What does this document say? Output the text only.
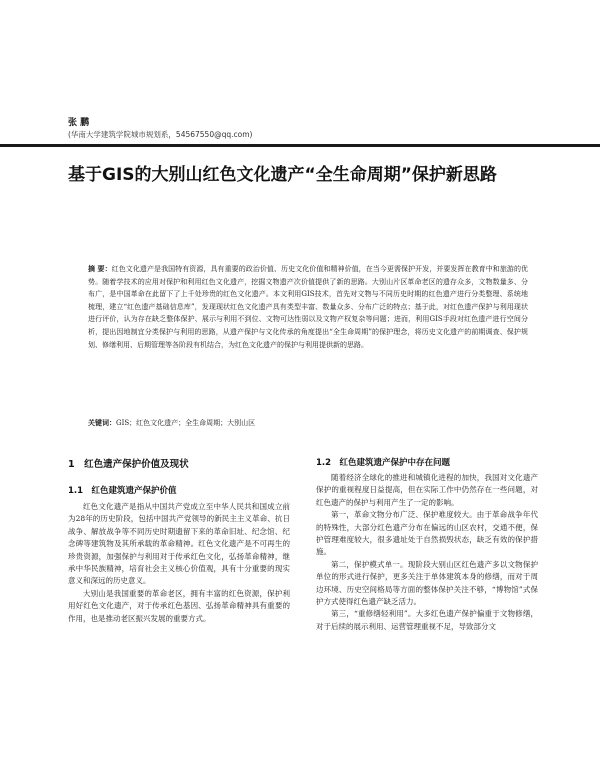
张 鹏
(华南大学建筑学院城市规划系，54567550@qq.com)
基于GIS的大别山红色文化遗产“全生命周期”保护新思路
摘 要：红色文化遗产是我国特有资源，具有重要的政治价值、历史文化价值和精神价值，在当今更需保护开发，并要发挥在教育中和旅游的优势。随着学技术的应用对保护和利用红色文化遗产，挖掘文物遗产次价值提供了新的思路。大别山片区革命老区的遗存众多，文物数量多、分布广，是中国革命在此留下了上千处珍贵的红色文化遗产。本文利用GIS技术，首先对文物与不同历史时期的红色遗产进行分类整理、系统地梳理，建立“红色遗产基础信息库”，发现现状红色文化遗产具有类型丰富、数量众多、分布广泛的特点；基于此，对红色遗产保护与利用现状进行评价，认为存在缺乏整体保护、展示与利用不到位、文物可达性弱以及文物产权复杂等问题；进而，利用GIS手段对红色遗产进行空间分析，提出因地制宜分类保护与利用的思路，从遗产保护与文化传承的角度提出“全生命周期”的保护理念，将历史文化遗产的前期调查、保护规划、修缮利用、后期管理等各阶段有机结合，为红色文化遗产的保护与利用提供新的思路。
关键词：GIS；红色文化遗产；全生命周期；大别山区
1　红色遗产保护价值及现状
1.1　红色建筑遗产保护价值
1.2　红色建筑遗产保护中存在问题

红色文化遗产是指从中国共产党成立至中华人民共和国成立前为28年的历史阶段，包括中国共产党领导的新民主主义革命、抗日战争、解放战争等不同历史时期遗留下来的革命旧址、纪念馆、纪念碑等建筑物及其所承载的革命精神。红色文化遗产是不可再生的珍贵资源，加强保护与利用对于传承红色文化，弘扬革命精神，继承中华民族精神，培育社会主义核心价值观，具有十分重要的现实意义和深远的历史意义。

大别山是我国重要的革命老区，拥有丰富的红色资源，保护利用好红色文化遗产，对于传承红色基因、弘扬革命精神具有重要的作用，也是推动老区振兴发展的重要方式。

随着经济全球化的推进和城镇化进程的加快，我国对文化遗产保护的重视程度日益提高，但在实际工作中仍然存在一些问题，对红色遗产的保护与利用产生了一定的影响。

第一，革命文物分布广泛、保护难度较大。由于革命战争年代的特殊性，大部分红色遗产分布在偏远的山区农村，交通不便，保护管理难度较大，很多遗址处于自然损毁状态，缺乏有效的保护措施。

第二，保护模式单一。现阶段大别山区红色遗产多以文物保护单位的形式进行保护，更多关注于单体建筑本身的修缮，而对于周边环境、历史空间格局等方面的整体保护关注不够，“博物馆”式保护方式使得红色遗产缺乏活力。

第三，“重修缮轻利用”。大多红色遗产保护偏重于文物修缮，对于后续的展示利用、运营管理重视不足，导致部分文
